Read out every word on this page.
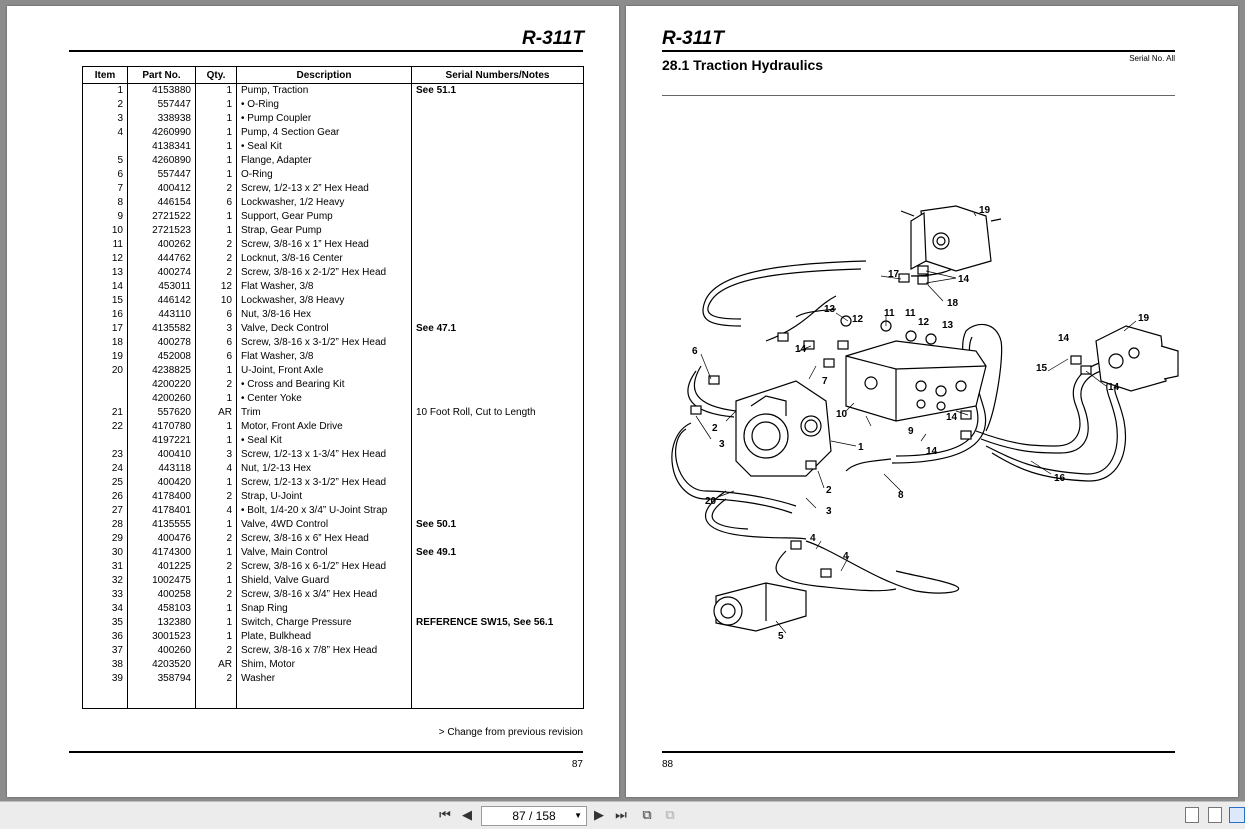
R-311T
Item	Part No.	Qty.	Description	Serial Numbers/Notes
1	4153880	1	Pump, Traction	See 51.1
2	557447	1	• O-Ring	
3	338938	1	• Pump Coupler	
4	4260990	1	Pump, 4 Section Gear	
	4138341	1	• Seal Kit	
5	4260890	1	Flange, Adapter	
6	557447	1	O-Ring	
7	400412	2	Screw, 1/2-13 x 2” Hex Head	
8	446154	6	Lockwasher, 1/2 Heavy	
9	2721522	1	Support, Gear Pump	
10	2721523	1	Strap, Gear Pump	
11	400262	2	Screw, 3/8-16 x 1” Hex Head	
12	444762	2	Locknut, 3/8-16 Center	
13	400274	2	Screw, 3/8-16 x 2-1/2” Hex Head	
14	453011	12	Flat Washer, 3/8	
15	446142	10	Lockwasher, 3/8 Heavy	
16	443110	6	Nut, 3/8-16 Hex	
17	4135582	3	Valve, Deck Control	See 47.1
18	400278	6	Screw, 3/8-16 x 3-1/2” Hex Head	
19	452008	6	Flat Washer, 3/8	
20	4238825	1	U-Joint, Front Axle	
	4200220	2	• Cross and Bearing Kit	
	4200260	1	• Center Yoke	
21	557620	AR	Trim	10 Foot Roll, Cut to Length
22	4170780	1	Motor, Front Axle Drive	
	4197221	1	• Seal Kit	
23	400410	3	Screw, 1/2-13 x 1-3/4” Hex Head	
24	443118	4	Nut, 1/2-13 Hex	
25	400420	1	Screw, 1/2-13 x 3-1/2” Hex Head	
26	4178400	2	Strap, U-Joint	
27	4178401	4	• Bolt, 1/4-20 x 3/4” U-Joint Strap	
28	4135555	1	Valve, 4WD Control	See 50.1
29	400476	2	Screw, 3/8-16 x 6” Hex Head	
30	4174300	1	Valve, Main Control	See 49.1
31	401225	2	Screw, 3/8-16 x 6-1/2” Hex Head	
32	1002475	1	Shield, Valve Guard	
33	400258	2	Screw, 3/8-16 x 3/4” Hex Head	
34	458103	1	Snap Ring	
35	132380	1	Switch, Charge Pressure	REFERENCE SW15, See 56.1
36	3001523	1	Plate, Bulkhead	
37	400260	2	Screw, 3/8-16 x 7/8” Hex Head	
38	4203520	AR	Shim, Motor	
39	358794	2	Washer	

> Change from previous revision
87
R-311T
28.1 Traction Hydraulics	Serial No. All
19
17	14
18
13	11 11
12	12 13
19
14
15
14
6	14
7
10
9
14
14
2
3	1
2	8
16
20
3
4
4
5
88
⏮ ◀	87 / 158 ▼ ▶ ⏭ ⧉ ⧉
